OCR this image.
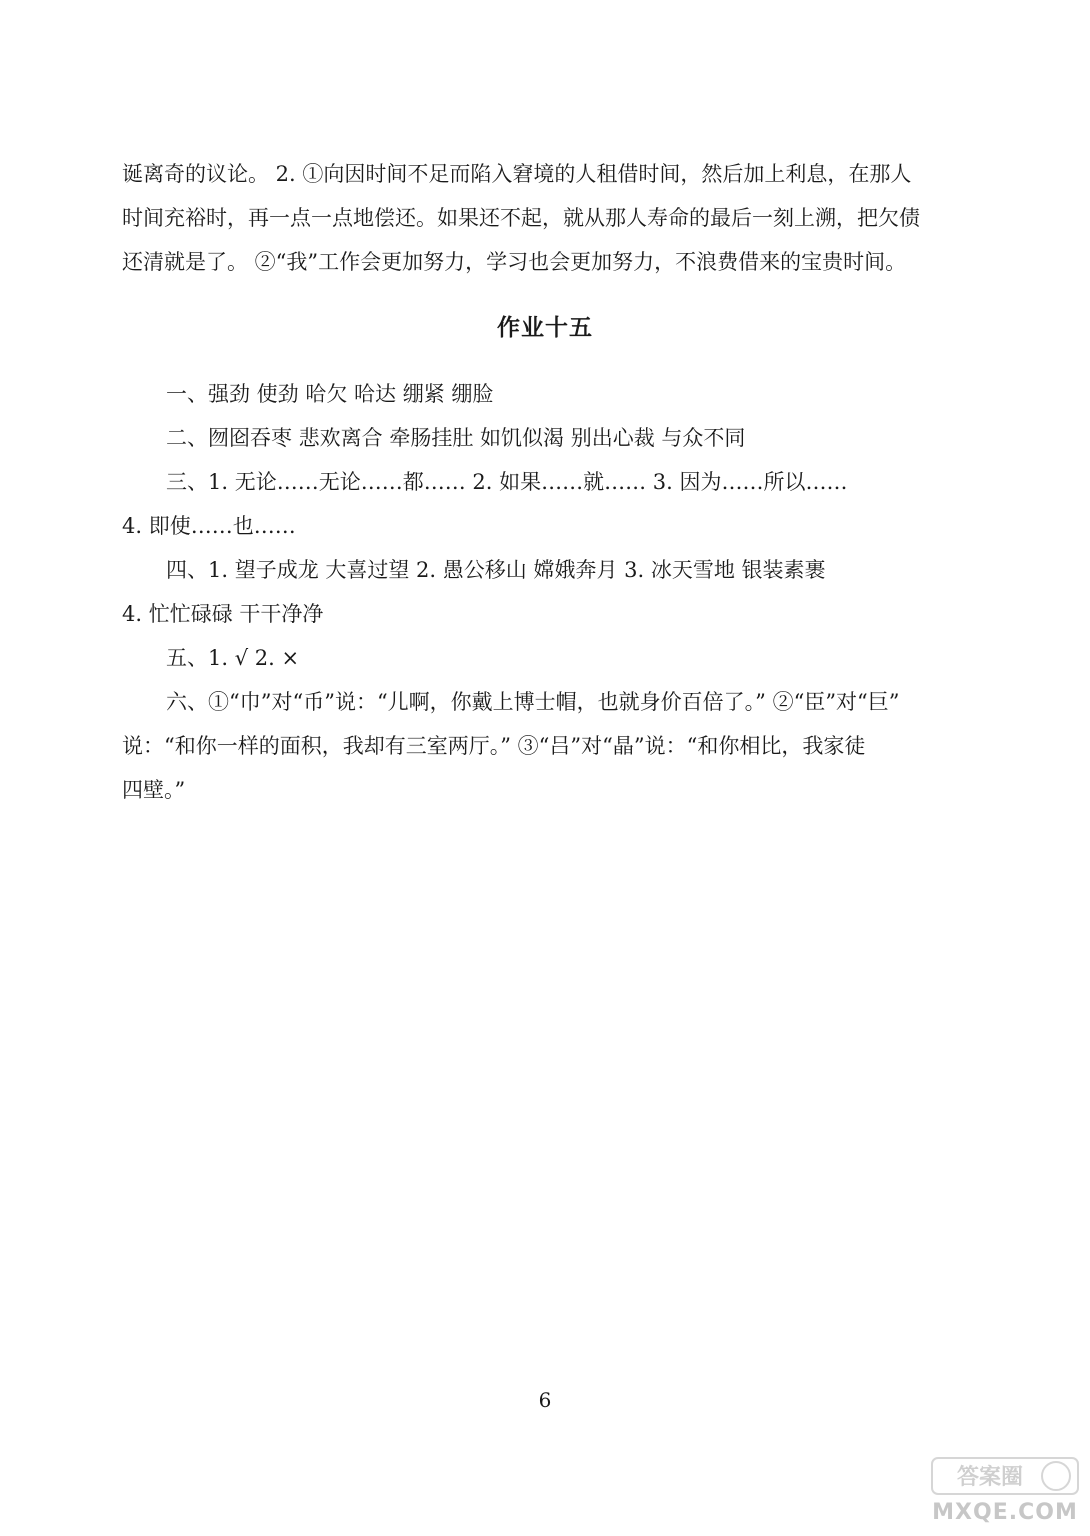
诞离奇的议论。 2. ①向因时间不足而陷入窘境的人租借时间，然后加上利息，在那人
时间充裕时，再一点一点地偿还。如果还不起，就从那人寿命的最后一刻上溯，把欠债
还清就是了。 ②“我”工作会更加努力，学习也会更加努力，不浪费借来的宝贵时间。
作业十五
一、强劲 使劲 哈欠 哈达 绷紧 绷脸
二、囫囵吞枣 悲欢离合 牵肠挂肚 如饥似渴 别出心裁 与众不同
三、1. 无论……无论……都…… 2. 如果……就…… 3. 因为……所以……
4. 即使……也……
四、1. 望子成龙 大喜过望 2. 愚公移山 嫦娥奔月 3. 冰天雪地 银装素裹
4. 忙忙碌碌 干干净净
五、1. √ 2. ×
六、①“巾”对“币”说：“儿啊，你戴上博士帽，也就身价百倍了。” ②“臣”对“巨”
说：“和你一样的面积，我却有三室两厅。” ③“吕”对“晶”说：“和你相比，我家徒
四壁。”
6
答案圈
MXQE.COM
